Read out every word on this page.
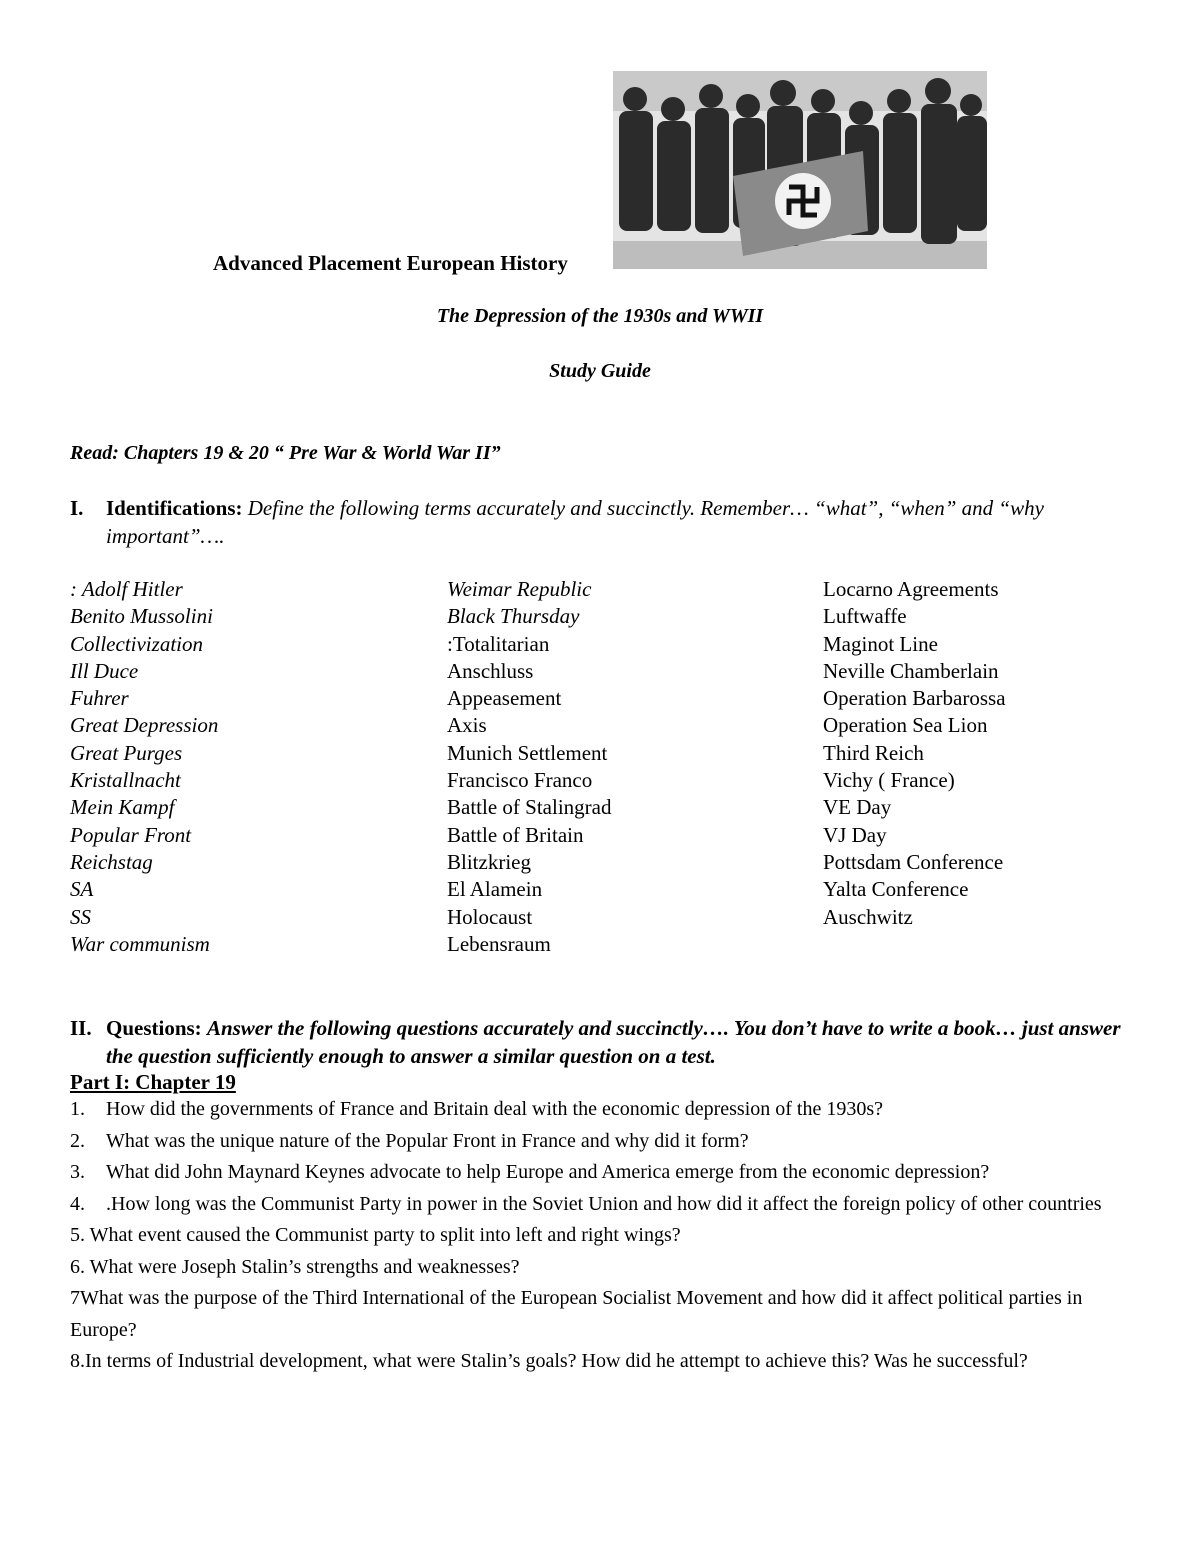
Advanced Placement European History
The Depression of the 1930s and WWII
Study Guide
Read: Chapters 19 & 20 “ Pre War & World War II”
I.	Identifications: Define the following terms accurately and succinctly. Remember… “what”, “when” and “why important”….
: Adolf Hitler
Benito Mussolini
Collectivization
Ill Duce
Fuhrer
Great Depression
Great Purges
Kristallnacht
Mein Kampf
Popular Front
Reichstag
SA
SS
War communism
Weimar Republic
Black Thursday
:Totalitarian
Anschluss
Appeasement
Axis
Munich Settlement
Francisco Franco
Battle of Stalingrad
Battle of Britain
Blitzkrieg
El Alamein
Holocaust
Lebensraum
Locarno Agreements
Luftwaffe
Maginot Line
Neville Chamberlain
Operation Barbarossa
Operation Sea Lion
Third Reich
Vichy ( France)
VE Day
VJ Day
Pottsdam Conference
Yalta Conference
Auschwitz
II. Questions: Answer the following questions accurately and succinctly…. You don’t have to write a book… just answer the question sufficiently enough to answer a similar question on a test.
Part I: Chapter 19
1.	How did the governments of France and Britain deal with the economic depression of the 1930s?
2.	What was the unique nature of the Popular Front in France and why did it form?
3.	What did John Maynard Keynes advocate to help Europe and America emerge from the economic depression?
4.	.How long was the Communist Party in power in the Soviet Union and how did it affect the foreign policy of other countries
5. What event caused the Communist party to split into left and right wings?
6. What were Joseph Stalin’s strengths and weaknesses?
7What was the purpose of the Third International of the European Socialist Movement and how did it affect political parties in Europe?
8.In terms of Industrial development, what were Stalin’s goals? How did he attempt to achieve this? Was he successful?
